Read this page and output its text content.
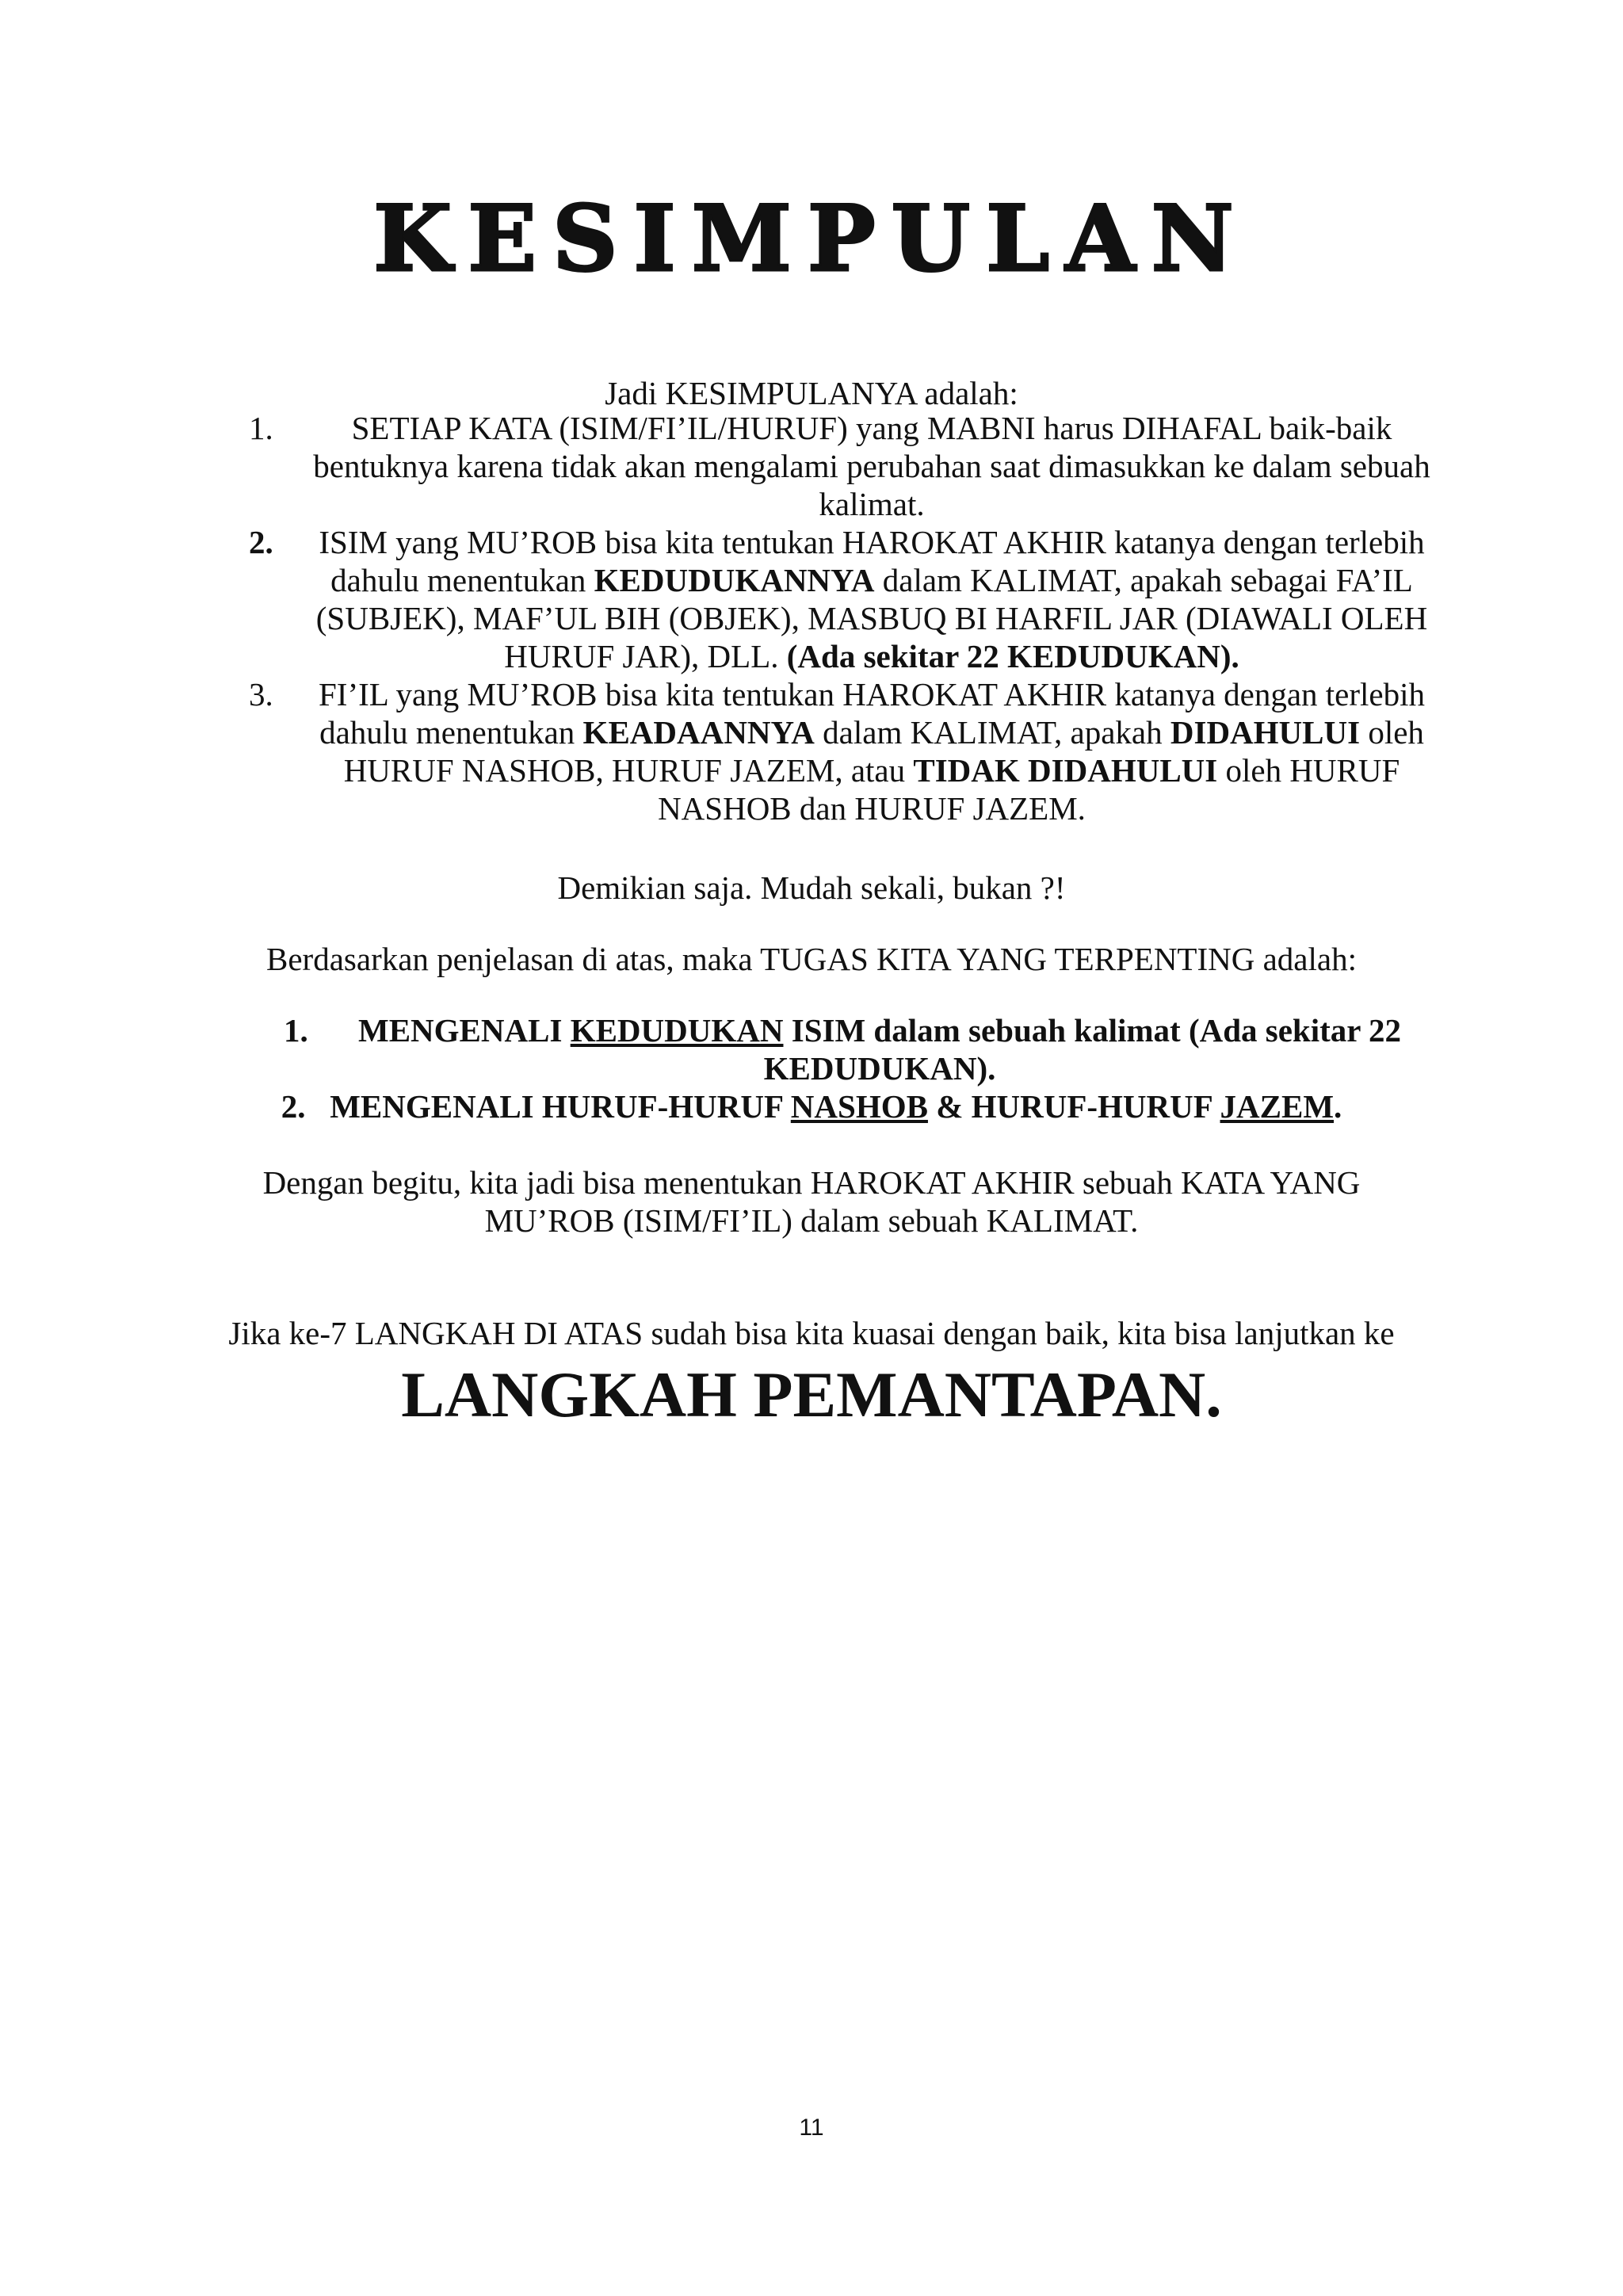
KESIMPULAN
Jadi KESIMPULANYA adalah:
1.	SETIAP KATA (ISIM/FI’IL/HURUF) yang MABNI harus DIHAFAL baik-baik bentuknya karena tidak akan mengalami perubahan saat dimasukkan ke dalam sebuah kalimat.
2.	ISIM yang MU’ROB bisa kita tentukan HAROKAT AKHIR katanya dengan terlebih dahulu menentukan KEDUDUKANNYA dalam KALIMAT, apakah sebagai FA’IL (SUBJEK), MAF’UL BIH (OBJEK), MASBUQ BI HARFIL JAR (DIAWALI OLEH HURUF JAR), DLL. (Ada sekitar 22 KEDUDUKAN).
3.	FI’IL yang MU’ROB bisa kita tentukan HAROKAT AKHIR katanya dengan terlebih dahulu menentukan KEADAANNYA dalam KALIMAT, apakah DIDAHULUI oleh HURUF NASHOB, HURUF JAZEM, atau TIDAK DIDAHULUI oleh HURUF NASHOB dan HURUF JAZEM.
Demikian saja. Mudah sekali, bukan ?!
Berdasarkan penjelasan di atas, maka TUGAS KITA YANG TERPENTING adalah:
1.	MENGENALI KEDUDUKAN ISIM dalam sebuah kalimat (Ada sekitar 22 KEDUDUKAN).
2. MENGENALI HURUF-HURUF NASHOB & HURUF-HURUF JAZEM.
Dengan begitu, kita jadi bisa menentukan HAROKAT AKHIR sebuah KATA YANG MU’ROB (ISIM/FI’IL) dalam sebuah KALIMAT.
Jika ke-7 LANGKAH DI ATAS sudah bisa kita kuasai dengan baik, kita bisa lanjutkan ke
LANGKAH PEMANTAPAN.
11
